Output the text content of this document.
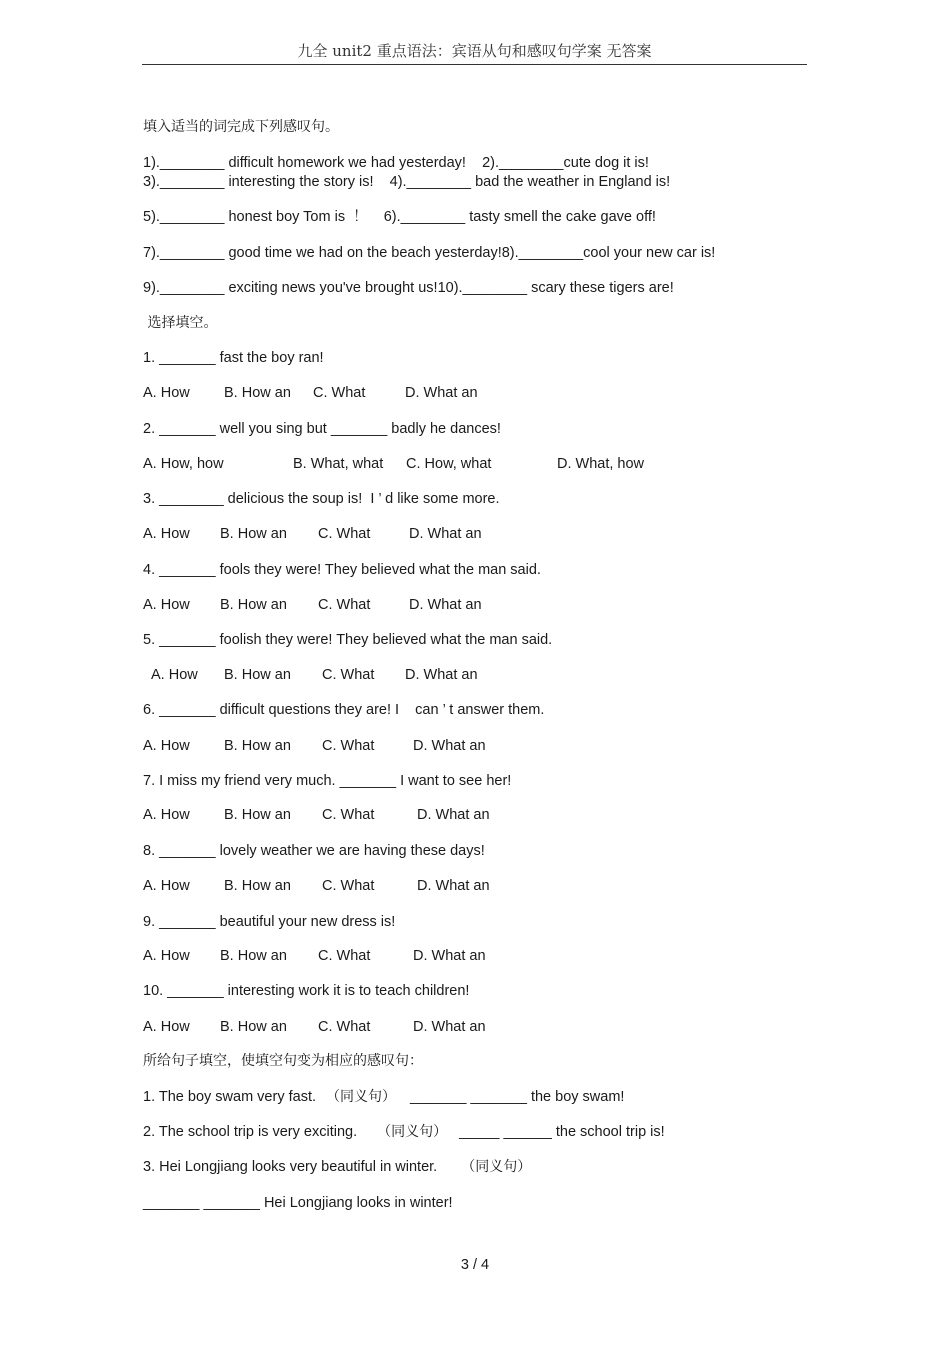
九全 unit2 重点语法：宾语从句和感叹句学案 无答案
填入适当的词完成下列感叹句。
1).________ difficult homework we had yesterday!    2).________cute dog it is!
3).________ interesting the story is!    4).________ bad the weather in England is!
5).________ honest boy Tom is  ！    6).________ tasty smell the cake gave off!
7).________ good time we had on the beach yesterday!8).________cool your new car is!
9).________ exciting news you've brought us!10).________ scary these tigers are!
选择填空。
1. _______ fast the boy ran!
A. How B. How an C. What	D. What an
2. _______ well you sing but _______ badly he dances!
A. How, how	B. What, what C. How, what	D. What, how
3. ________ delicious the soup is!  I ’ d like some more.
A. How B. How an C. What	D. What an
4. _______ fools they were! They believed what the man said.
A. How B. How an C. What	D. What an
5. _______ foolish they were! They believed what the man said.
A. How B. How an C. What D. What an
6. _______ difficult questions they are! I    can ’ t answer them.
A. How B. How an C. What	D. What an
7. I miss my friend very much. _______ I want to see her!
A. How B. How an C. What	D. What an
8. _______ lovely weather we are having these days!
A. How B. How an C. What	D. What an
9. _______ beautiful your new dress is!
A. How B. How an C. What	D. What an
10. _______ interesting work it is to teach children!
A. How B. How an C. What	D. What an
所给句子填空，使填空句变为相应的感叹句：
1. The boy swam very fast. （同义句） _______ _______ the boy swam!
2. The school trip is very exciting. （同义句） _____ ______ the school trip is!
3. Hei Longjiang looks very beautiful in winter. （同义句）
_______ _______ Hei Longjiang looks in winter!
3 / 4
